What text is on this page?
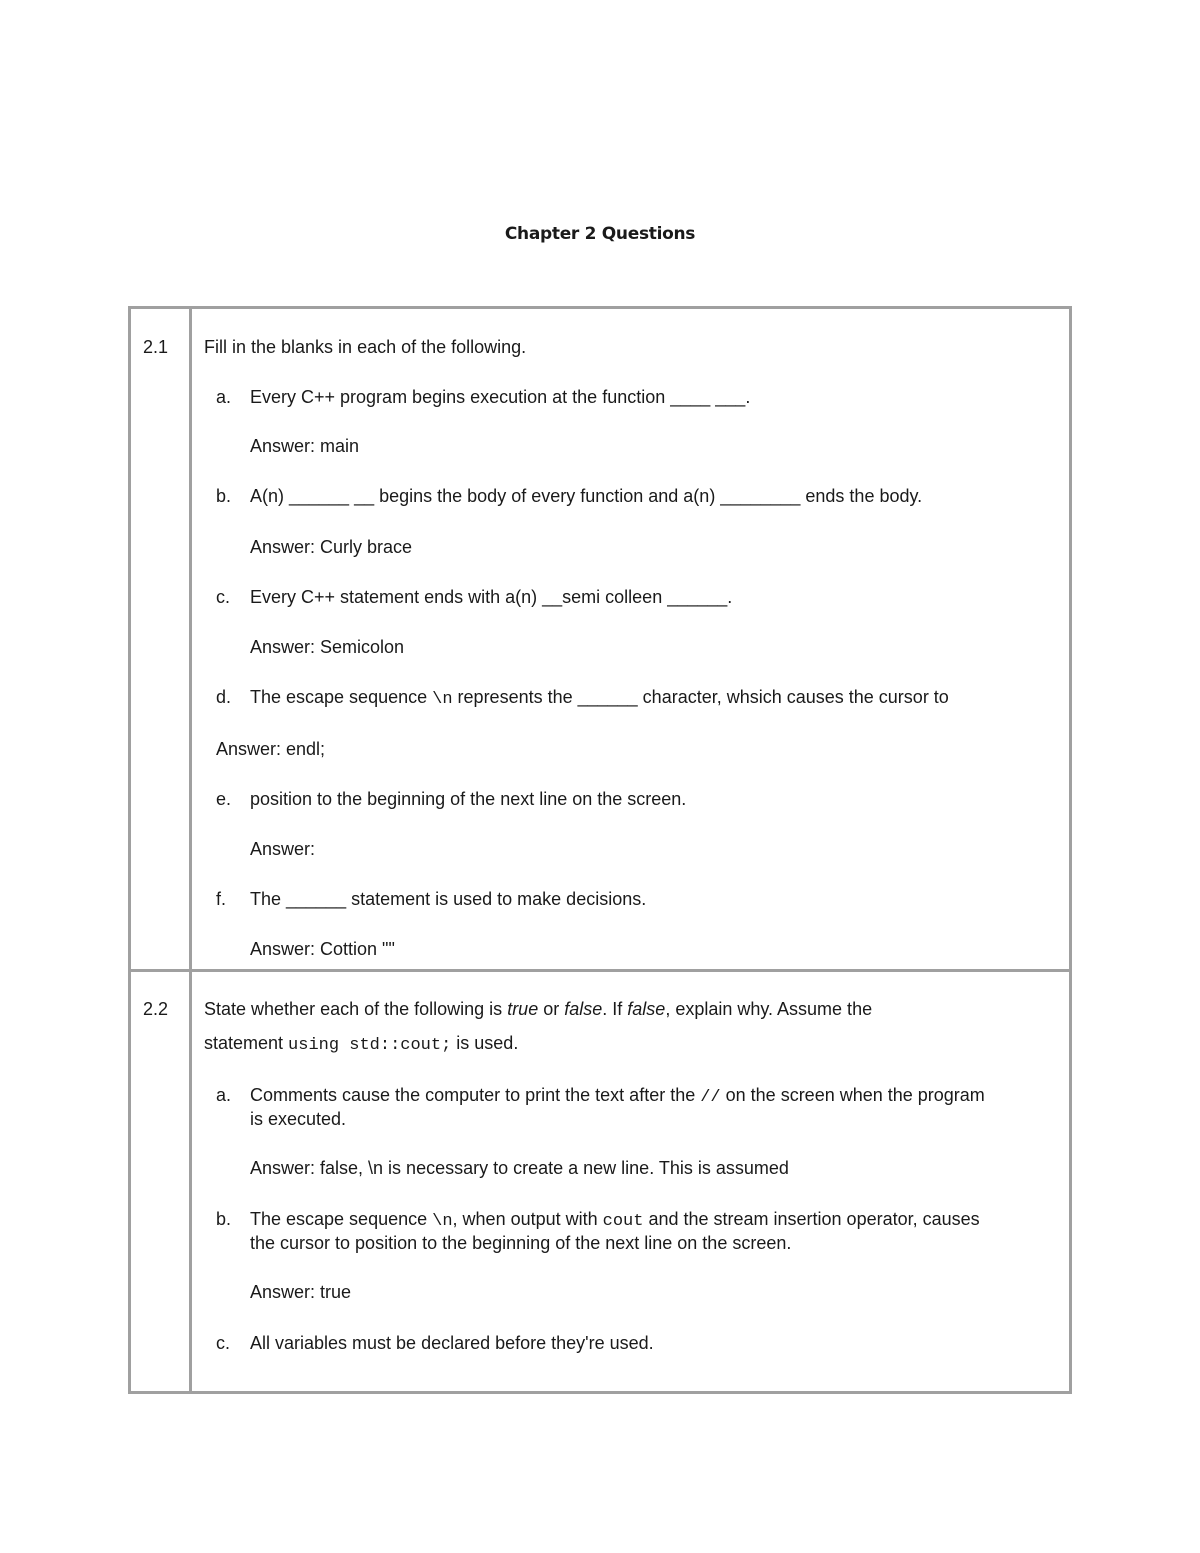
Chapter 2 Questions
2.1 Fill in the blanks in each of the following.
a. Every C++ program begins execution at the function ____ ___.
Answer: main
b. A(n) ______ __ begins the body of every function and a(n) ________ ends the body.
Answer: Curly brace
c. Every C++ statement ends with a(n) __semi colleen ______.
Answer: Semicolon
d. The escape sequence \n represents the ______ character, whsich causes the cursor to
Answer: endl;
e. position to the beginning of the next line on the screen.
Answer:
f. The ______ statement is used to make decisions.
Answer: Cottion ""
2.2 State whether each of the following is true or false. If false, explain why. Assume the
statement using std::cout; is used.
a. Comments cause the computer to print the text after the // on the screen when the program
is executed.
Answer: false, \n is necessary to create a new line. This is assumed
b. The escape sequence \n, when output with cout and the stream insertion operator, causes
the cursor to position to the beginning of the next line on the screen.
Answer: true
c. All variables must be declared before they're used.
